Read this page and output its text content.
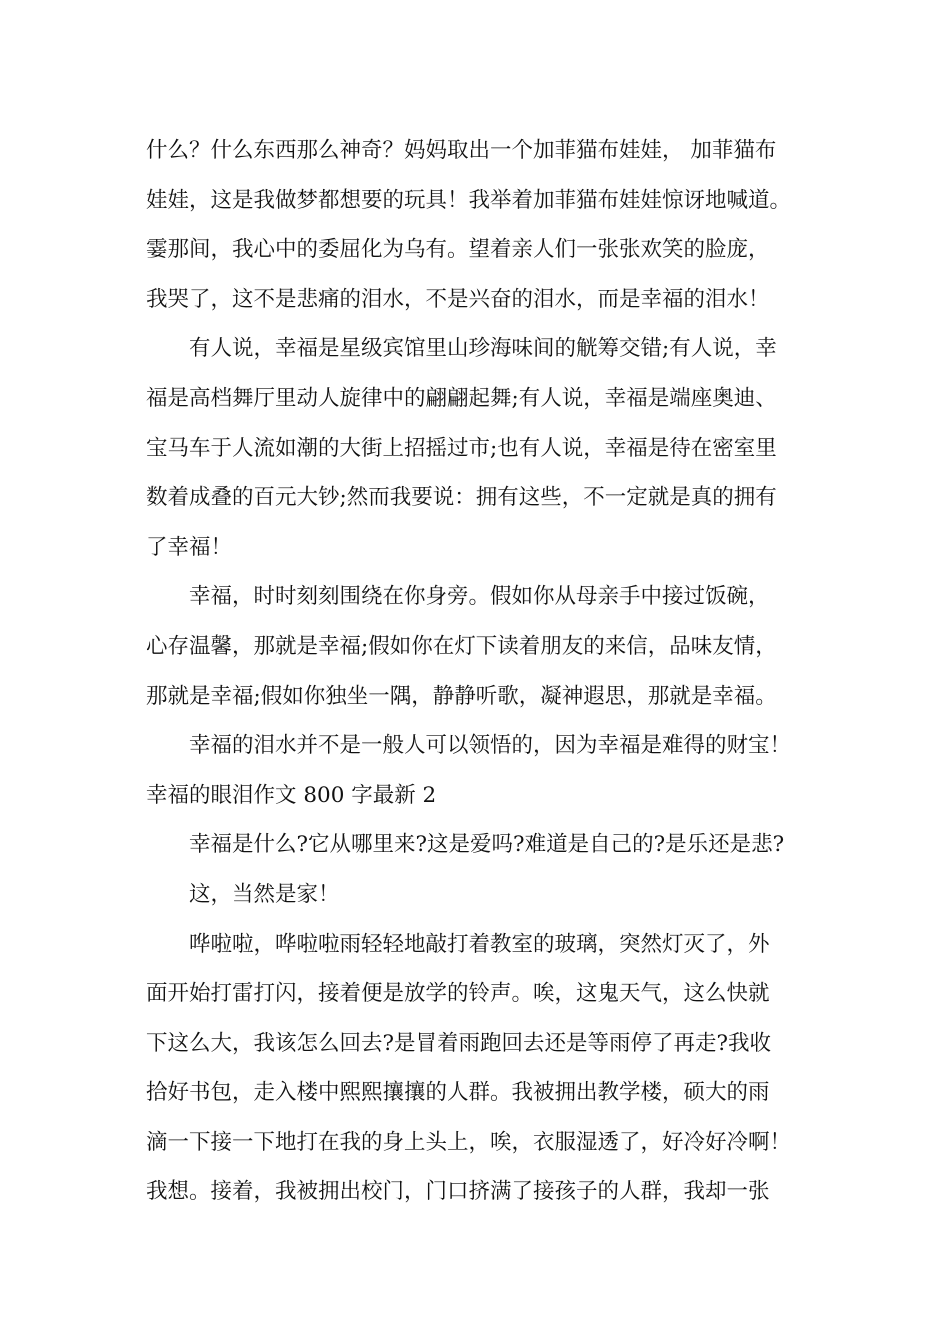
什么？什么东西那么神奇？妈妈取出一个加菲猫布娃娃， 加菲猫布
娃娃，这是我做梦都想要的玩具！我举着加菲猫布娃娃惊讶地喊道。
霎那间，我心中的委屈化为乌有。望着亲人们一张张欢笑的脸庞，
我哭了，这不是悲痛的泪水，不是兴奋的泪水，而是幸福的泪水！
有人说，幸福是星级宾馆里山珍海味间的觥筹交错;有人说，幸
福是高档舞厅里动人旋律中的翩翩起舞;有人说，幸福是端座奥迪、
宝马车于人流如潮的大街上招摇过市;也有人说，幸福是待在密室里
数着成叠的百元大钞;然而我要说：拥有这些，不一定就是真的拥有
了幸福！
幸福，时时刻刻围绕在你身旁。假如你从母亲手中接过饭碗，
心存温馨，那就是幸福;假如你在灯下读着朋友的来信，品味友情，
那就是幸福;假如你独坐一隅，静静听歌，凝神遐思，那就是幸福。
幸福的泪水并不是一般人可以领悟的，因为幸福是难得的财宝！
幸福的眼泪作文 800 字最新 2
幸福是什么?它从哪里来?这是爱吗?难道是自己的?是乐还是悲?
这，当然是家！
哗啦啦，哗啦啦雨轻轻地敲打着教室的玻璃，突然灯灭了，外
面开始打雷打闪，接着便是放学的铃声。唉，这鬼天气，这么快就
下这么大，我该怎么回去?是冒着雨跑回去还是等雨停了再走?我收
拾好书包，走入楼中熙熙攘攘的人群。我被拥出教学楼，硕大的雨
滴一下接一下地打在我的身上头上，唉，衣服湿透了，好冷好冷啊！
我想。接着，我被拥出校门，门口挤满了接孩子的人群，我却一张
